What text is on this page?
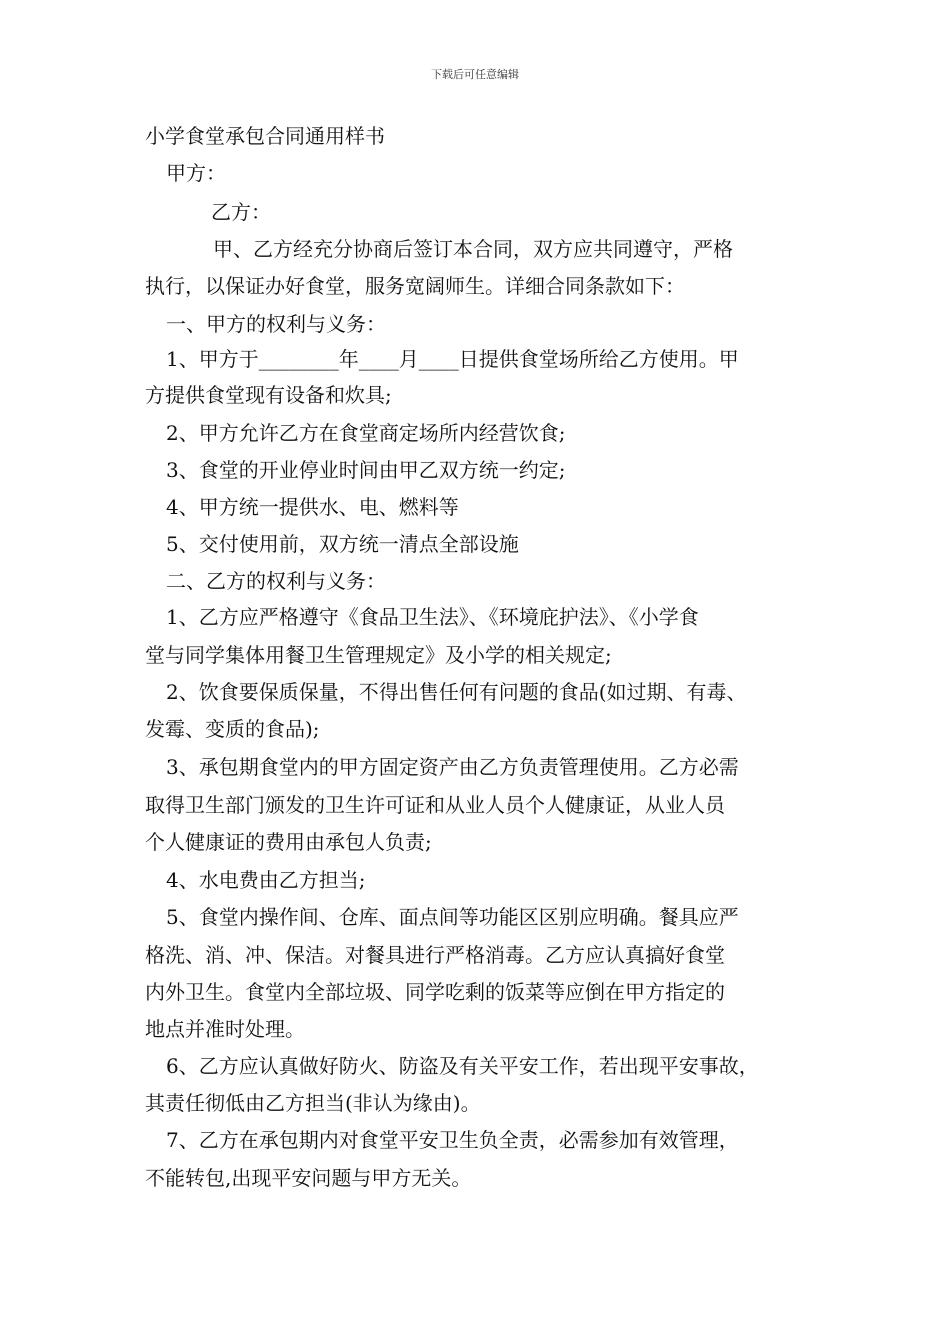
下载后可任意编辑
小学食堂承包合同通用样书
甲方：
乙方：
甲、乙方经充分协商后签订本合同，双方应共同遵守，严格
执行，以保证办好食堂，服务宽阔师生。详细合同条款如下：
一、甲方的权利与义务：
1、甲方于________年____月____日提供食堂场所给乙方使用。甲
方提供食堂现有设备和炊具;
2、甲方允许乙方在食堂商定场所内经营饮食;
3、食堂的开业停业时间由甲乙双方统一约定;
4、甲方统一提供水、电、燃料等
5、交付使用前，双方统一清点全部设施
二、乙方的权利与义务：
1、乙方应严格遵守《食品卫生法》、《环境庇护法》、《小学食
堂与同学集体用餐卫生管理规定》及小学的相关规定;
2、饮食要保质保量，不得出售任何有问题的食品(如过期、有毒、
发霉、变质的食品);
3、承包期食堂内的甲方固定资产由乙方负责管理使用。乙方必需
取得卫生部门颁发的卫生许可证和从业人员个人健康证，从业人员
个人健康证的费用由承包人负责;
4、水电费由乙方担当;
5、食堂内操作间、仓库、面点间等功能区区别应明确。餐具应严
格洗、消、冲、保洁。对餐具进行严格消毒。乙方应认真搞好食堂
内外卫生。食堂内全部垃圾、同学吃剩的饭菜等应倒在甲方指定的
地点并准时处理。
6、乙方应认真做好防火、防盗及有关平安工作，若出现平安事故，
其责任彻低由乙方担当(非认为缘由)。
7、乙方在承包期内对食堂平安卫生负全责，必需参加有效管理，
不能转包,出现平安问题与甲方无关。
